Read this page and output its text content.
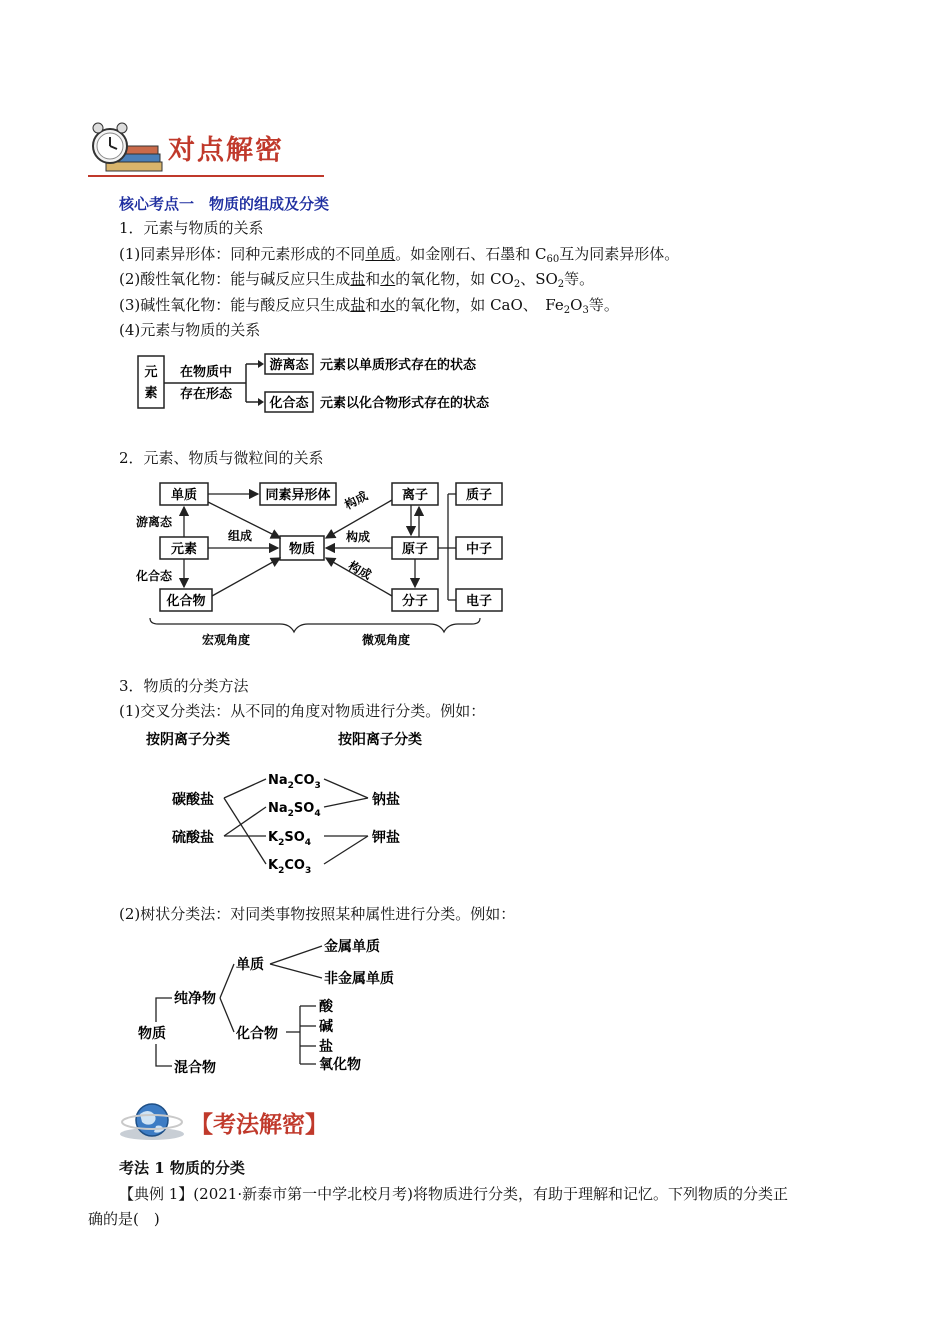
对点解密
核心考点一　物质的组成及分类
1．元素与物质的关系
(1)同素异形体：同种元素形成的不同单质。如金刚石、石墨和 $C_{60}$互为同素异形体。
(2)酸性氧化物：能与碱反应只生成盐和水的氧化物，如 $CO_2$、$SO_2$等。
(3)碱性氧化物：能与酸反应只生成盐和水的氧化物，如 CaO、　$Fe_2O_3$等。
(4)元素与物质的关系
元
素
在物质中
存在形态
游离态
化合态
元素以单质形式存在的状态
元素以化合物形式存在的状态
2．元素、物质与微粒间的关系
单质	同素异形体
元素
化合物
物质
离子
原子
分子
质子
中子
电子
游离态
化合态
组成
构成
构成
构成
宏观角度	微观角度
3．物质的分类方法
(1)交叉分类法：从不同的角度对物质进行分类。例如：
按阴离子分类	按阳离子分类
碳酸盐
硫酸盐
钠盐
钾盐
$Na_2CO_3$
$Na_2SO_4$
$K_2SO_4$
$K_2CO_3$
(2)树状分类法：对同类事物按照某种属性进行分类。例如：
物质
纯净物
混合物
单质
化合物
金属单质
非金属单质
酸
碱
盐
氧化物
【考法解密】
考法 1 物质的分类
【典例 1】(2021·新泰市第一中学北校月考)将物质进行分类，有助于理解和记忆。下列物质的分类正
确的是(　)
